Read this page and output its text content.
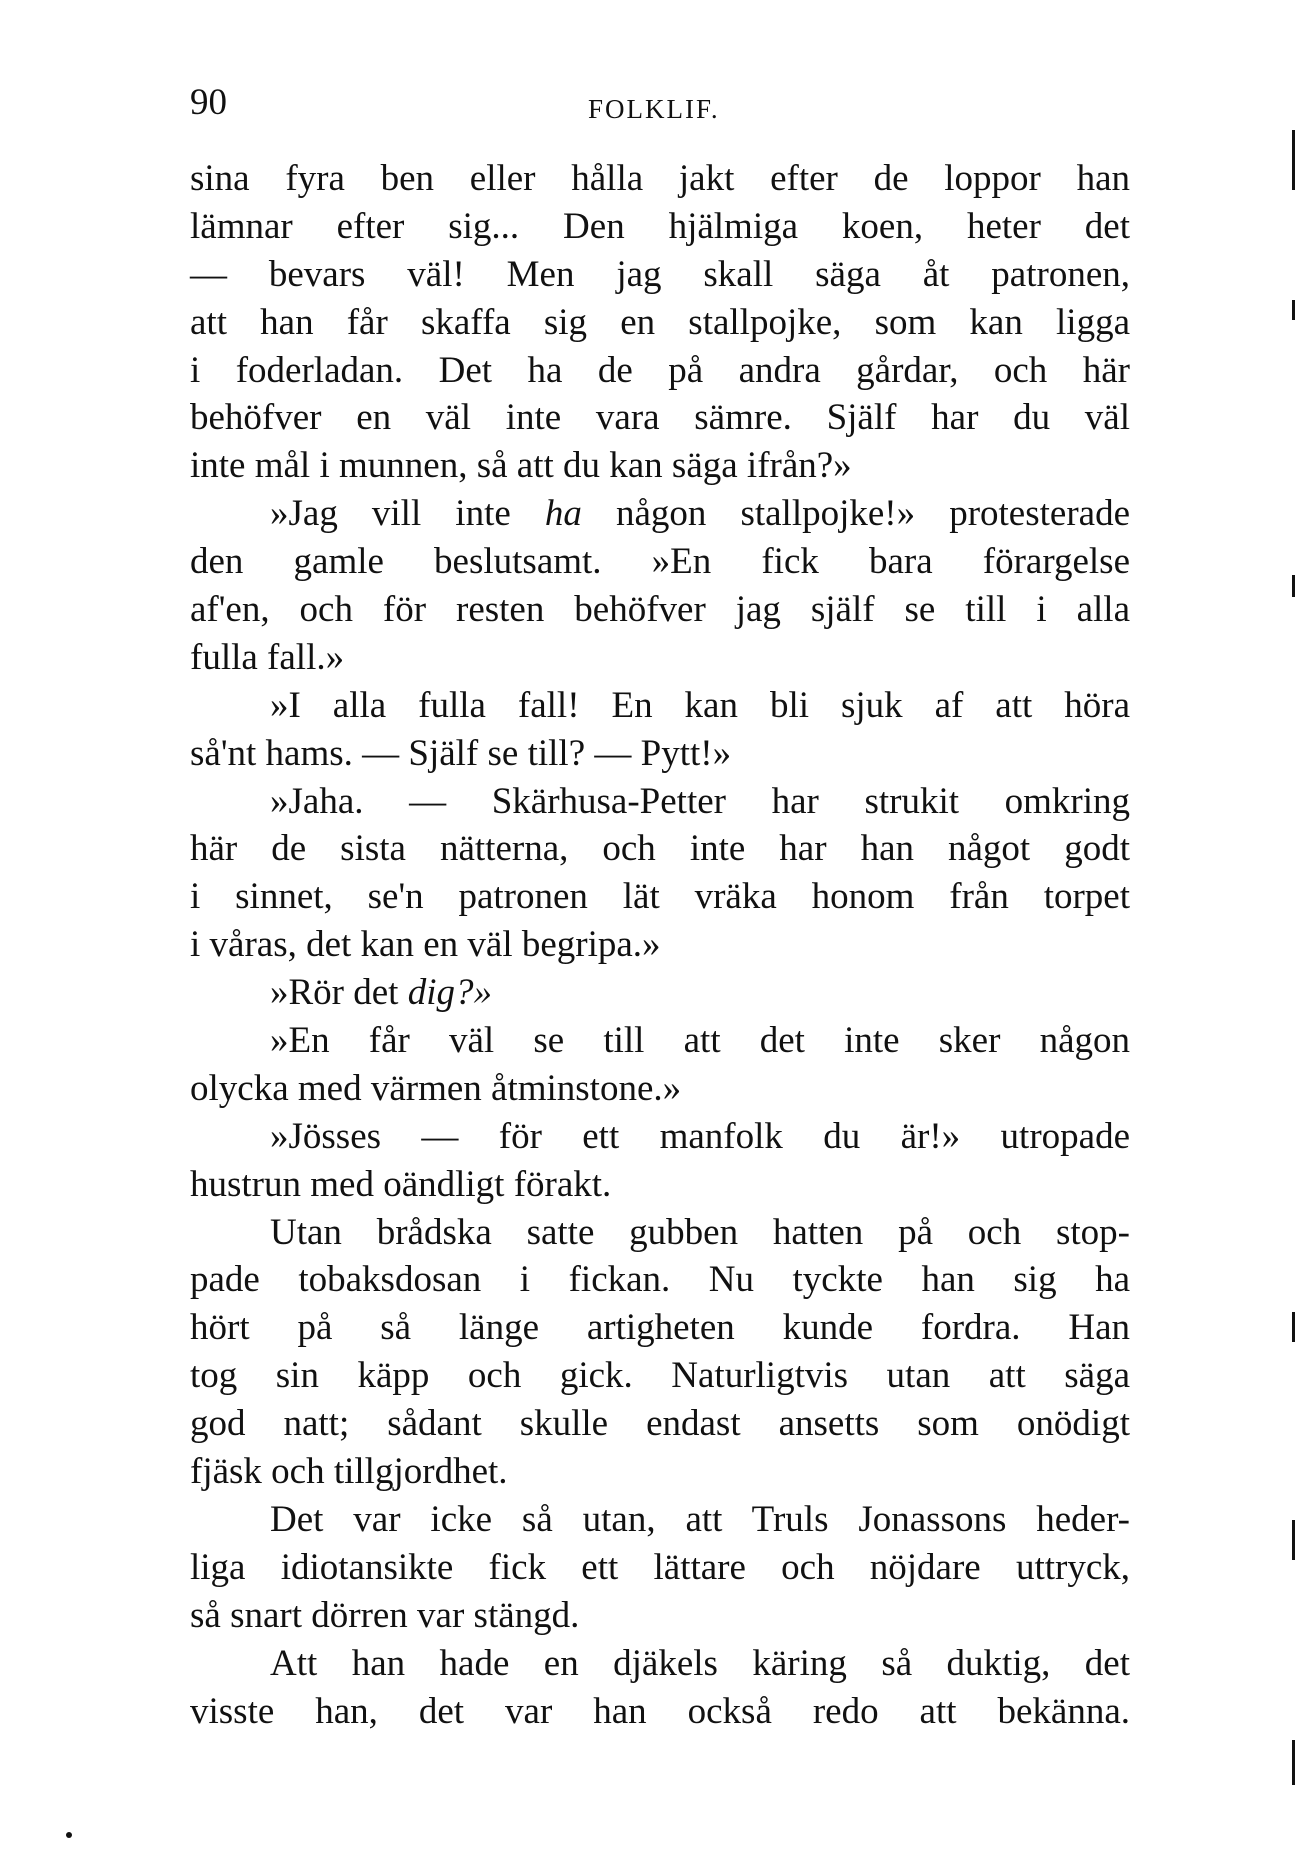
90	FOLKLIF.
sina fyra ben eller hålla jakt efter de loppor han
lämnar efter sig... Den hjälmiga koen, heter det
— bevars väl! Men jag skall säga åt patronen,
att han får skaffa sig en stallpojke, som kan ligga
i foderladan. Det ha de på andra gårdar, och här
behöfver en väl inte vara sämre. Själf har du väl
inte mål i munnen, så att du kan säga ifrån?»
»Jag vill inte ha någon stallpojke!» protesterade
den gamle beslutsamt. »En fick bara förargelse
af'en, och för resten behöfver jag själf se till i alla
fulla fall.»
»I alla fulla fall! En kan bli sjuk af att höra
så'nt hams. — Själf se till? — Pytt!»
»Jaha. — Skärhusa-Petter har strukit omkring
här de sista nätterna, och inte har han något godt
i sinnet, se'n patronen lät vräka honom från torpet
i våras, det kan en väl begripa.»
»Rör det dig?»
»En får väl se till att det inte sker någon
olycka med värmen åtminstone.»
»Jösses — för ett manfolk du är!» utropade
hustrun med oändligt förakt.
Utan brådska satte gubben hatten på och stop-
pade tobaksdosan i fickan. Nu tyckte han sig ha
hört på så länge artigheten kunde fordra. Han
tog sin käpp och gick. Naturligtvis utan att säga
god natt; sådant skulle endast ansetts som onödigt
fjäsk och tillgjordhet.
Det var icke så utan, att Truls Jonassons heder-
liga idiotansikte fick ett lättare och nöjdare uttryck,
så snart dörren var stängd.
Att han hade en djäkels käring så duktig, det
visste han, det var han också redo att bekänna.
